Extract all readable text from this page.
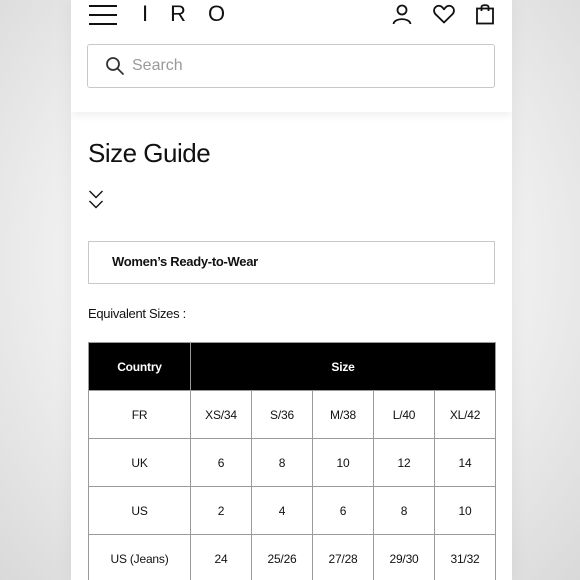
IRO
Search
Size Guide
Women’s Ready-to-Wear
Equivalent Sizes :
Country	Size				
FR	XS/34	S/36	M/38	L/40	XL/42
UK	6	8	10	12	14
US	2	4	6	8	10
US (Jeans)	24	25/26	27/28	29/30	31/32
